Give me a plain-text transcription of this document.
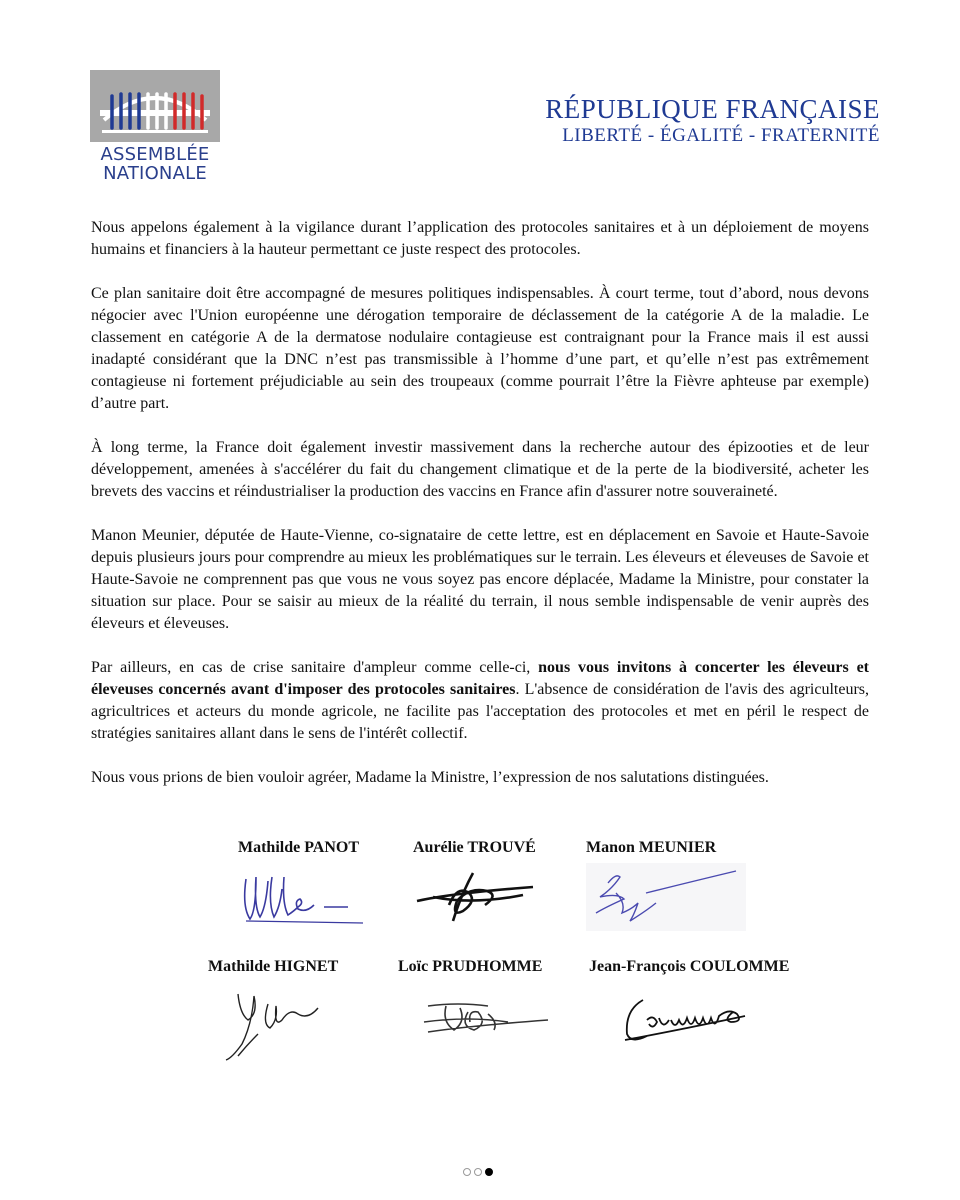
ASSEMBLÉE
NATIONALE
RÉPUBLIQUE FRANÇAISE
LIBERTÉ - ÉGALITÉ - FRATERNITÉ

Nous appelons également à la vigilance durant l’application des protocoles sanitaires et à un déploiement de moyens humains et financiers à la hauteur permettant ce juste respect des protocoles.

Ce plan sanitaire doit être accompagné de mesures politiques indispensables. À court terme, tout d’abord, nous devons négocier avec l'Union européenne une dérogation temporaire de déclassement de la catégorie A de la maladie. Le classement en catégorie A de la dermatose nodulaire contagieuse est contraignant pour la France mais il est aussi inadapté considérant que la DNC n’est pas transmissible à l’homme d’une part, et qu’elle n’est pas extrêmement contagieuse ni fortement préjudiciable au sein des troupeaux (comme pourrait l’être la Fièvre aphteuse par exemple) d’autre part.

À long terme, la France doit également investir massivement dans la recherche autour des épizooties et de leur développement, amenées à s'accélérer du fait du changement climatique et de la perte de la biodiversité, acheter les brevets des vaccins et réindustrialiser la production des vaccins en France afin d'assurer notre souveraineté.

Manon Meunier, députée de Haute-Vienne, co-signataire de cette lettre, est en déplacement en Savoie et Haute-Savoie depuis plusieurs jours pour comprendre au mieux les problématiques sur le terrain. Les éleveurs et éleveuses de Savoie et Haute-Savoie ne comprennent pas que vous ne vous soyez pas encore déplacée, Madame la Ministre, pour constater la situation sur place. Pour se saisir au mieux de la réalité du terrain, il nous semble indispensable de venir auprès des éleveurs et éleveuses.

Par ailleurs, en cas de crise sanitaire d'ampleur comme celle-ci, nous vous invitons à concerter les éleveurs et éleveuses concernés avant d'imposer des protocoles sanitaires. L'absence de considération de l'avis des agriculteurs, agricultrices et acteurs du monde agricole, ne facilite pas l'acceptation des protocoles et met en péril le respect de stratégies sanitaires allant dans le sens de l'intérêt collectif.

Nous vous prions de bien vouloir agréer, Madame la Ministre, l’expression de nos salutations distinguées.

Mathilde PANOT	Aurélie TROUVÉ	Manon MEUNIER
Mathilde HIGNET	Loïc PRUDHOMME	Jean-François COULOMME
